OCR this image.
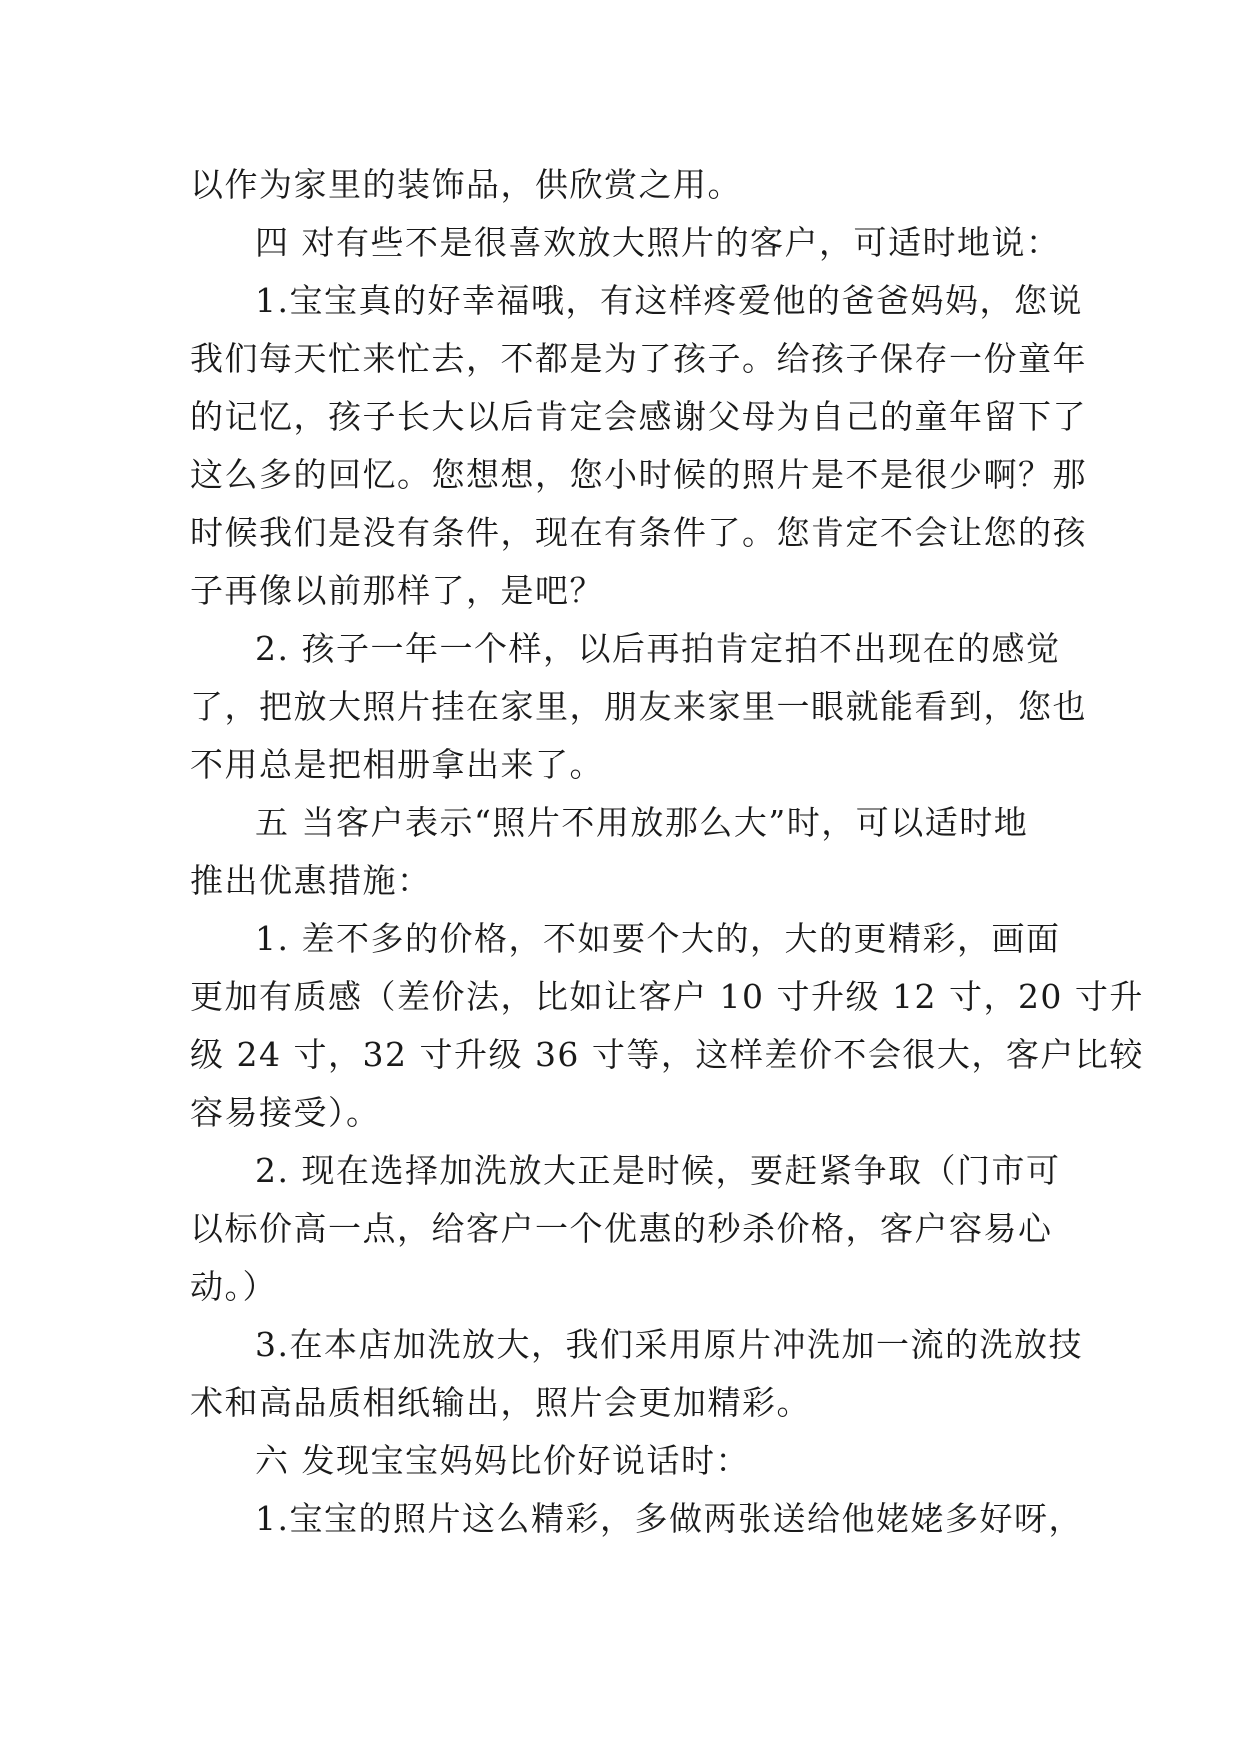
以作为家里的装饰品，供欣赏之用。
四 对有些不是很喜欢放大照片的客户，可适时地说：
1.宝宝真的好幸福哦，有这样疼爱他的爸爸妈妈，您说
我们每天忙来忙去，不都是为了孩子。给孩子保存一份童年
的记忆，孩子长大以后肯定会感谢父母为自己的童年留下了
这么多的回忆。您想想，您小时候的照片是不是很少啊？那
时候我们是没有条件，现在有条件了。您肯定不会让您的孩
子再像以前那样了，是吧？
2. 孩子一年一个样，以后再拍肯定拍不出现在的感觉
了，把放大照片挂在家里，朋友来家里一眼就能看到，您也
不用总是把相册拿出来了。
五 当客户表示“照片不用放那么大”时，可以适时地
推出优惠措施：
1. 差不多的价格，不如要个大的，大的更精彩，画面
更加有质感（差价法，比如让客户 10 寸升级 12 寸，20 寸升
级 24 寸，32 寸升级 36 寸等，这样差价不会很大，客户比较
容易接受）。
2. 现在选择加洗放大正是时候，要赶紧争取（门市可
以标价高一点，给客户一个优惠的秒杀价格，客户容易心
动。）
3.在本店加洗放大，我们采用原片冲洗加一流的洗放技
术和高品质相纸输出，照片会更加精彩。
六 发现宝宝妈妈比价好说话时：
1.宝宝的照片这么精彩，多做两张送给他姥姥多好呀，
